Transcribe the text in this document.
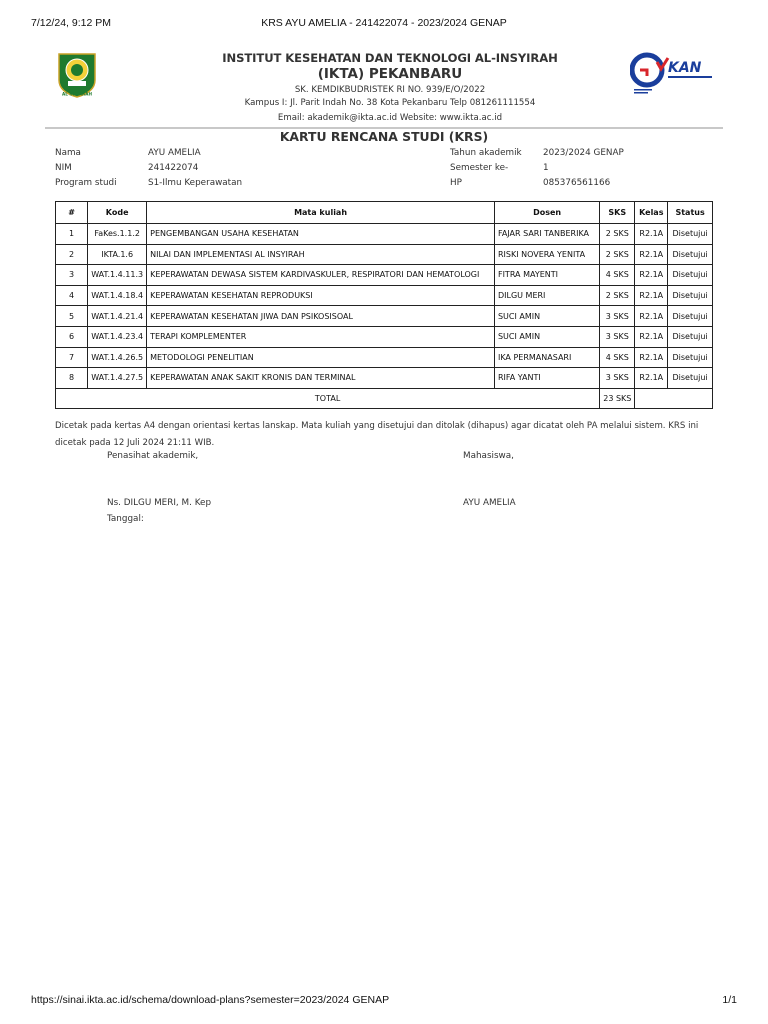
7/12/24, 9:12 PM	KRS AYU AMELIA - 241422074 - 2023/2024 GENAP
AL INSYIRAH
KAN
INSTITUT KESEHATAN DAN TEKNOLOGI AL-INSYIRAH
(IKTA) PEKANBARU
SK. KEMDIKBUDRISTEK RI NO. 939/E/O/2022
Kampus I: Jl. Parit Indah No. 38 Kota Pekanbaru Telp 081261111554
Email: akademik@ikta.ac.id Website: www.ikta.ac.id
KARTU RENCANA STUDI (KRS)
Nama	AYU AMELIA
NIM	241422074
Program studi	S1-Ilmu Keperawatan
Tahun akademik 2023/2024 GENAP
Semester ke-	1
HP	085376561166
#	Kode	Mata kuliah	Dosen	SKS	Kelas	Status
1	FaKes.1.1.2	PENGEMBANGAN USAHA KESEHATAN	FAJAR SARI TANBERIKA	2 SKS	R2.1A	Disetujui
2	IKTA.1.6	NILAI DAN IMPLEMENTASI AL INSYIRAH	RISKI NOVERA YENITA	2 SKS	R2.1A	Disetujui
3	WAT.1.4.11.3	KEPERAWATAN DEWASA SISTEM KARDIVASKULER, RESPIRATORI DAN HEMATOLOGI	FITRA MAYENTI	4 SKS	R2.1A	Disetujui
4	WAT.1.4.18.4	KEPERAWATAN KESEHATAN REPRODUKSI	DILGU MERI	2 SKS	R2.1A	Disetujui
5	WAT.1.4.21.4	KEPERAWATAN KESEHATAN JIWA DAN PSIKOSISOAL	SUCI AMIN	3 SKS	R2.1A	Disetujui
6	WAT.1.4.23.4	TERAPI KOMPLEMENTER	SUCI AMIN	3 SKS	R2.1A	Disetujui
7	WAT.1.4.26.5	METODOLOGI PENELITIAN	IKA PERMANASARI	4 SKS	R2.1A	Disetujui
8	WAT.1.4.27.5	KEPERAWATAN ANAK SAKIT KRONIS DAN TERMINAL	RIFA YANTI	3 SKS	R2.1A	Disetujui
TOTAL				23 SKS		
Dicetak pada kertas A4 dengan orientasi kertas lanskap. Mata kuliah yang disetujui dan ditolak (dihapus) agar dicatat oleh PA melalui sistem. KRS ini
dicetak pada 12 Juli 2024 21:11 WIB.
Penasihat akademik,	Mahasiswa,
Ns. DILGU MERI, M. Kep	AYU AMELIA
Tanggal:
https://sinai.ikta.ac.id/schema/download-plans?semester=2023/2024 GENAP	1/1
